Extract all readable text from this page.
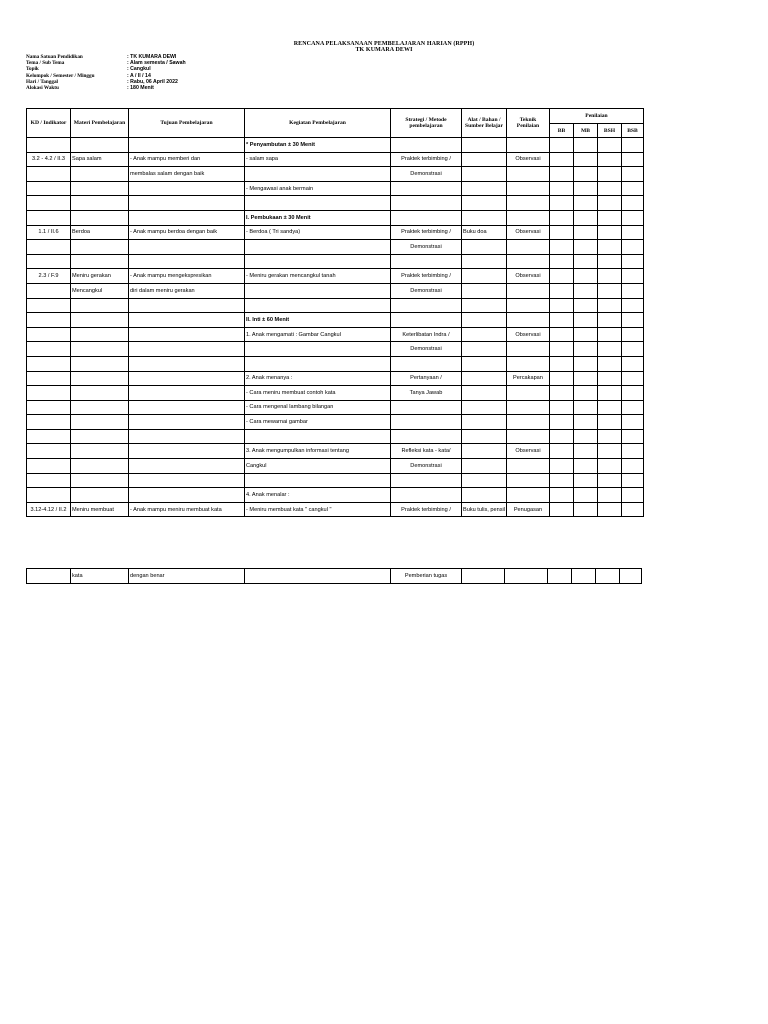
RENCANA PELAKSANAAN PEMBELAJARAN HARIAN (RPPH)
TK KUMARA DEWI
Nama Satuan Pendidikan	: TK KUMARA DEWI
Tema / Sub Tema	: Alam semesta / Sawah
Topik	: Cangkul
Kelompok / Semester / Minggu	: A / II / 14
Hari / Tanggal	: Rabu, 06 April 2022
Alokasi Waktu	: 180 Menit
KD / Indikator	Materi Pembelajaran	Tujuan Pembelajaran	Kegiatan Pembelajaran	Strategi / Metode pembelajaran	Alat / Bahan / Sumber Belajar	Teknik Penilaian	Penilaian			
							BB	MB	BSH	BSB
			* Penyambutan ± 30 Menit							
3.2 - 4.2 / II.3	Sapa salam	- Anak mampu memberi dan	- salam sapa	Praktek terbimbing /		Observasi				
		membalas salam dengan baik		Demonstrasi						
			- Mengawasi anak bermain							

			I. Pembukaan ± 30 Menit							
1.1 / II.6	Berdoa	- Anak mampu berdoa dengan baik	- Berdoa ( Tri sandya)	Praktek terbimbing /	Buku doa	Observasi				
				Demonstrasi						

2.3 / F.9	Meniru gerakan	- Anak mampu mengekspresikan	- Meniru gerakan mencangkul tanah	Praktek terbimbing /		Observasi				
	Mencangkul	diri dalam meniru gerakan		Demonstrasi						

			II. Inti ± 60 Menit							
			1. Anak mengamati : Gambar Cangkul	Keterlibatan Indra /		Observasi				
				Demonstrasi						

			2. Anak menanya :	Pertanyaan /		Percakapan				
			- Cara meniru membuat contoh kata	Tanya Jawab						
			- Cara mengenal lambang bilangan							
			- Cara mewarnai gambar							

			3. Anak mengumpulkan informasi tentang	Refleksi kata - kata/		Observasi				
			Cangkul	Demonstrasi						

			4. Anak menalar :							
3.12-4.12 / II.2	Meniru membuat	- Anak mampu meniru membuat kata	- Meniru membuat kata " cangkul "	Praktek terbimbing /	Buku tulis, pensil	Penugasan				
	kata	dengan benar		Pemberian tugas						
